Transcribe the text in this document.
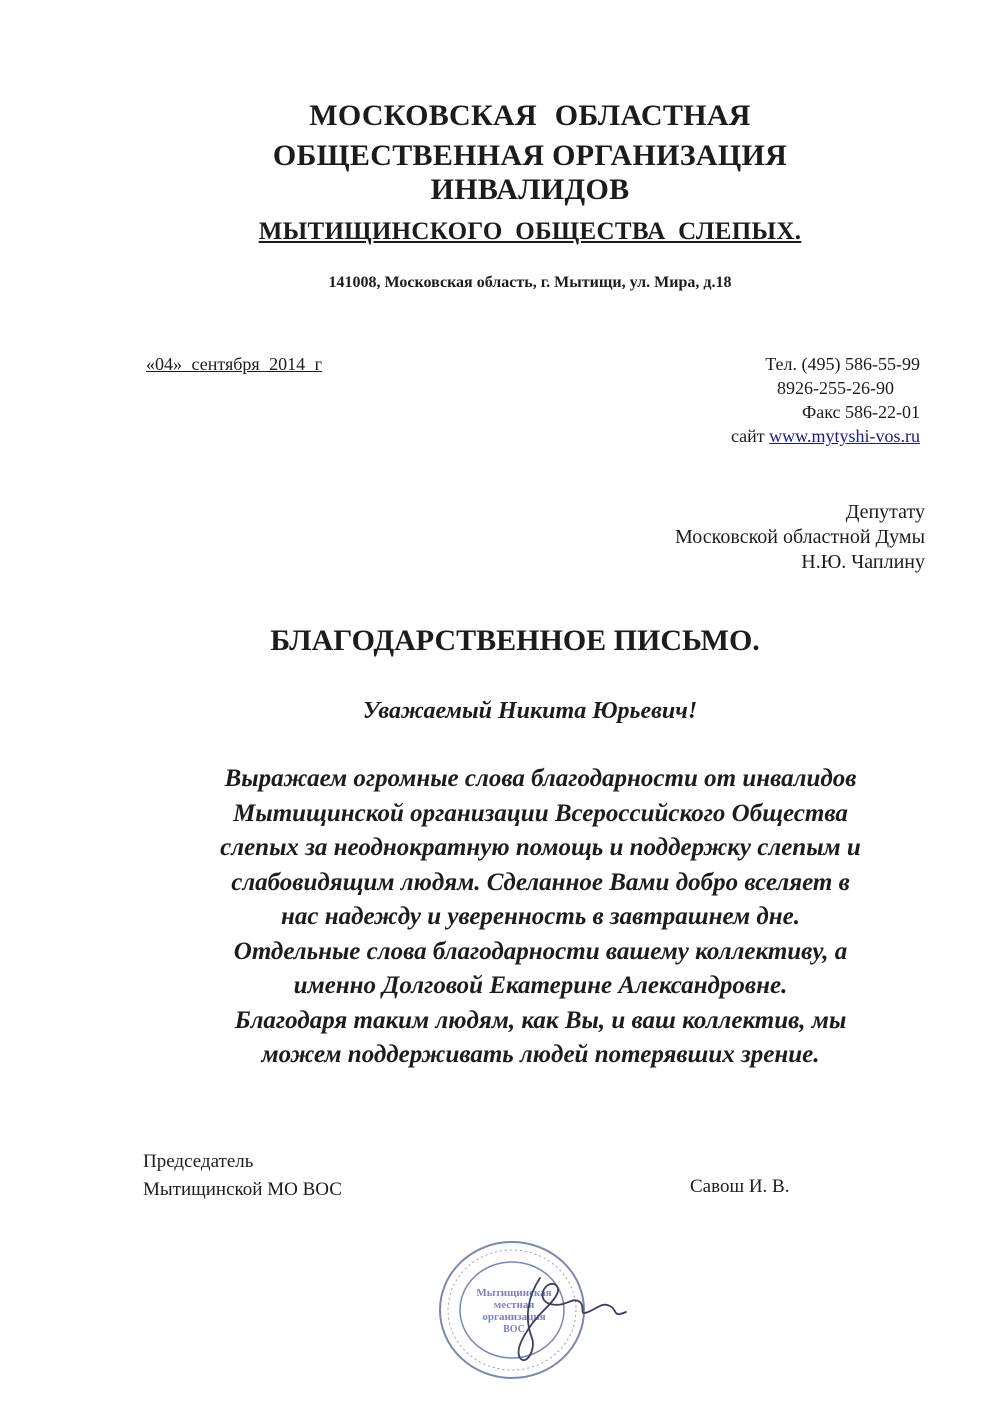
МОСКОВСКАЯ ОБЛАСТНАЯ
ОБЩЕСТВЕННАЯ ОРГАНИЗАЦИЯ
ИНВАЛИДОВ
МЫТИЩИНСКОГО ОБЩЕСТВА СЛЕПЫХ.
141008, Московская область, г. Мытищи, ул. Мира, д.18
«04» сентября 2014 г	Тел. (495) 586-55-99
8926-255-26-90
Факс 586-22-01
сайт www.mytyshi-vos.ru
Депутату
Московской областной Думы
Н.Ю. Чаплину
БЛАГОДАРСТВЕННОЕ ПИСЬМО.
Уважаемый Никита Юрьевич!
Выражаем огромные слова благодарности от инвалидов
Мытищинской организации Всероссийского Общества
слепых за неоднократную помощь и поддержку слепым и
слабовидящим людям. Сделанное Вами добро вселяет в
нас надежду и уверенность в завтрашнем дне.
Отдельные слова благодарности вашему коллективу, а
именно Долговой Екатерине Александровне.
Благодаря таким людям, как Вы, и ваш коллектив, мы
можем поддерживать людей потерявших зрение.
Председатель
Мытищинской МО ВОС	Савош И. В.
Мытищинская
местная
организация
ВОС
